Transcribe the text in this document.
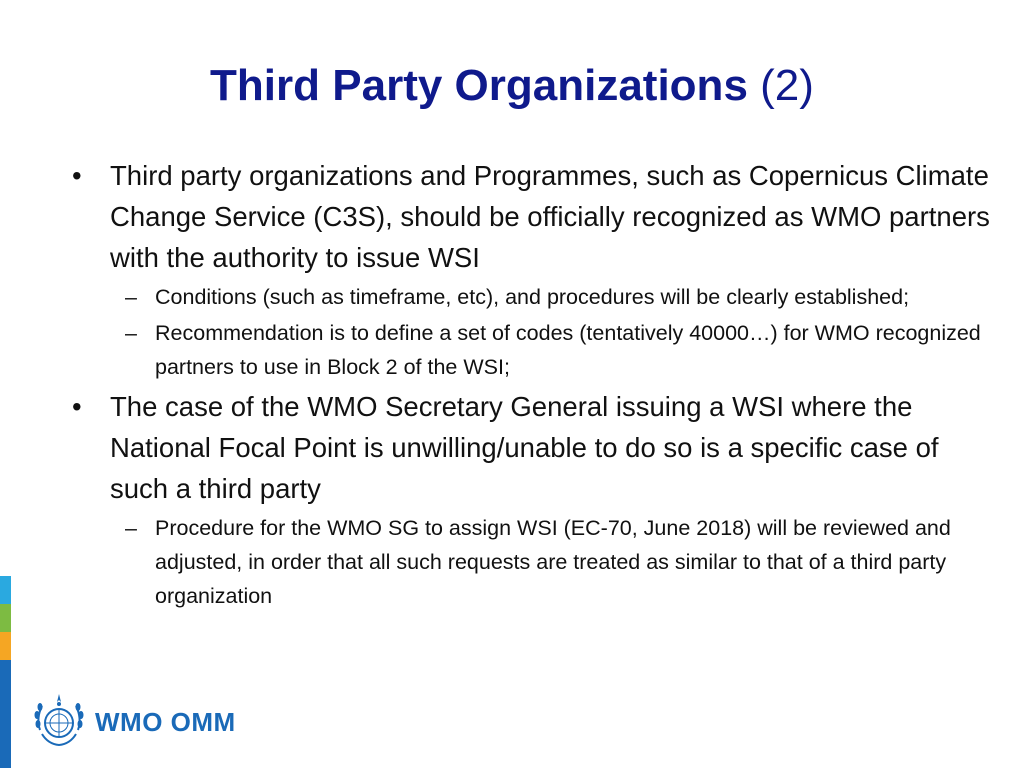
Third Party Organizations (2)
• Third party organizations and Programmes, such as Copernicus Climate Change Service (C3S), should be officially recognized as WMO partners with the authority to issue WSI
– Conditions (such as timeframe, etc), and procedures will be clearly established;
– Recommendation is to define a set of codes (tentatively 40000…) for WMO recognized partners to use in Block 2 of the WSI;
• The case of the WMO Secretary General issuing a WSI where the National Focal Point is unwilling/unable to do so is a specific case of such a third party
– Procedure for the WMO SG to assign WSI (EC-70, June 2018) will be reviewed and adjusted, in order that all such requests are treated as similar to that of a third party organization
WMO OMM
